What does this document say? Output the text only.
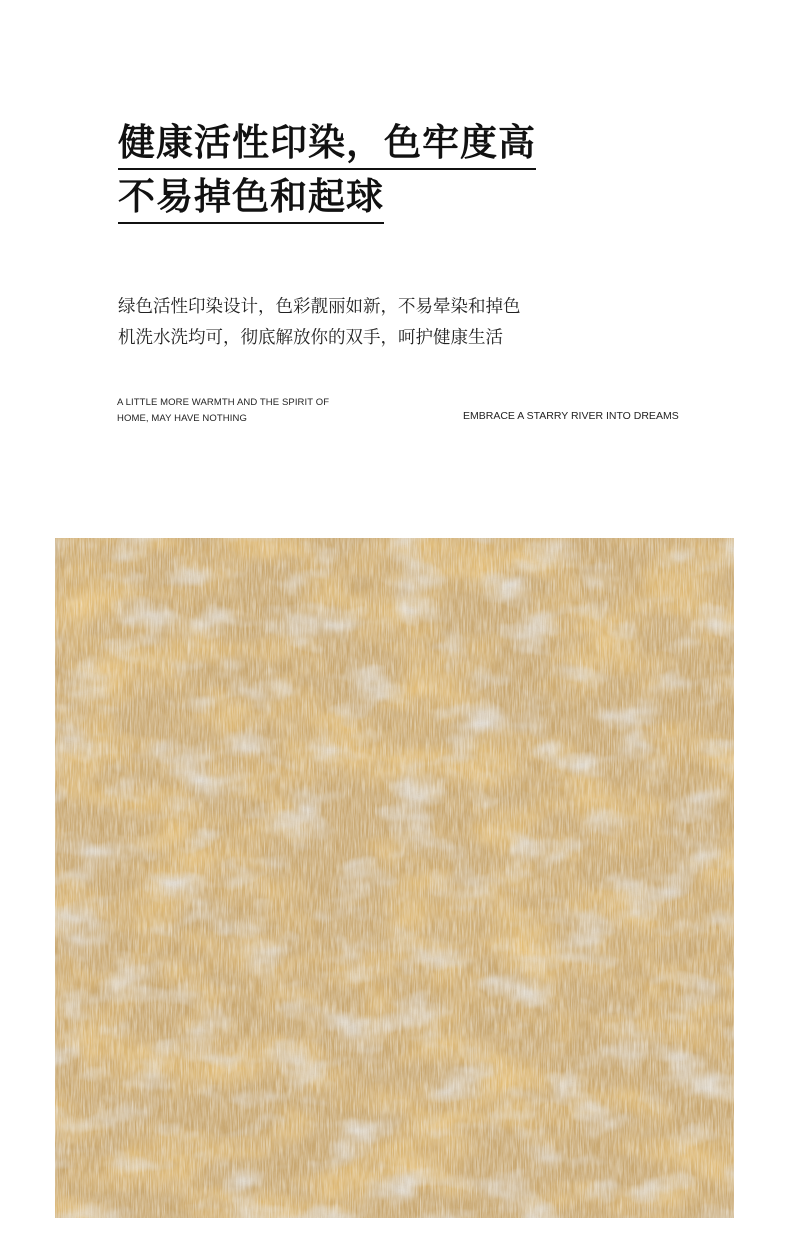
健康活性印染，色牢度高
不易掉色和起球
绿色活性印染设计，色彩靓丽如新，不易晕染和掉色
机洗水洗均可，彻底解放你的双手，呵护健康生活
A LITTLE MORE WARMTH AND THE SPIRIT OF
HOME, MAY HAVE NOTHING	EMBRACE A STARRY RIVER INTO DREAMS
